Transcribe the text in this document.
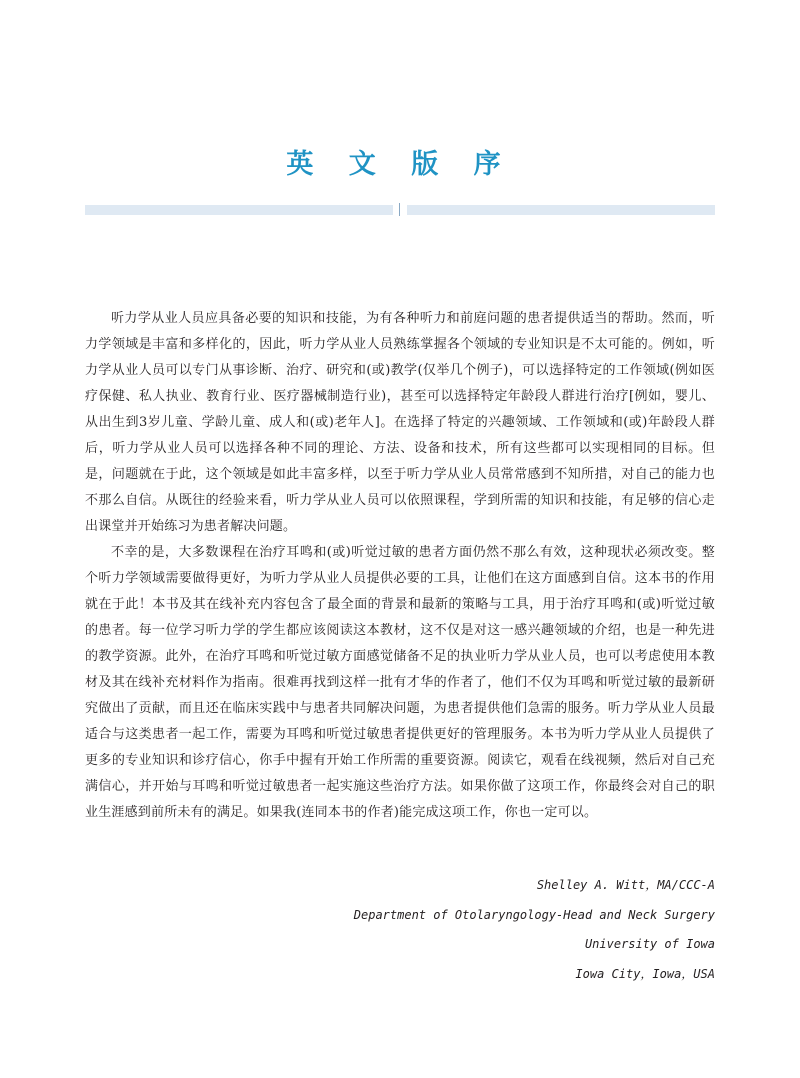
英 文 版 序

听力学从业人员应具备必要的知识和技能，为有各种听力和前庭问题的患者提供适当的帮助。然而，听力学领域是丰富和多样化的，因此，听力学从业人员熟练掌握各个领域的专业知识是不太可能的。例如，听力学从业人员可以专门从事诊断、治疗、研究和(或)教学(仅举几个例子)，可以选择特定的工作领域(例如医疗保健、私人执业、教育行业、医疗器械制造行业)，甚至可以选择特定年龄段人群进行治疗[例如，婴儿、从出生到3岁儿童、学龄儿童、成人和(或)老年人]。在选择了特定的兴趣领域、工作领域和(或)年龄段人群后，听力学从业人员可以选择各种不同的理论、方法、设备和技术，所有这些都可以实现相同的目标。但是，问题就在于此，这个领域是如此丰富多样，以至于听力学从业人员常常感到不知所措，对自己的能力也不那么自信。从既往的经验来看，听力学从业人员可以依照课程，学到所需的知识和技能，有足够的信心走出课堂并开始练习为患者解决问题。

不幸的是，大多数课程在治疗耳鸣和(或)听觉过敏的患者方面仍然不那么有效，这种现状必须改变。整个听力学领域需要做得更好，为听力学从业人员提供必要的工具，让他们在这方面感到自信。这本书的作用就在于此！本书及其在线补充内容包含了最全面的背景和最新的策略与工具，用于治疗耳鸣和(或)听觉过敏的患者。每一位学习听力学的学生都应该阅读这本教材，这不仅是对这一感兴趣领域的介绍，也是一种先进的教学资源。此外，在治疗耳鸣和听觉过敏方面感觉储备不足的执业听力学从业人员，也可以考虑使用本教材及其在线补充材料作为指南。很难再找到这样一批有才华的作者了，他们不仅为耳鸣和听觉过敏的最新研究做出了贡献，而且还在临床实践中与患者共同解决问题，为患者提供他们急需的服务。听力学从业人员最适合与这类患者一起工作，需要为耳鸣和听觉过敏患者提供更好的管理服务。本书为听力学从业人员提供了更多的专业知识和诊疗信心，你手中握有开始工作所需的重要资源。阅读它，观看在线视频，然后对自己充满信心，并开始与耳鸣和听觉过敏患者一起实施这些治疗方法。如果你做了这项工作，你最终会对自己的职业生涯感到前所未有的满足。如果我(连同本书的作者)能完成这项工作，你也一定可以。

Shelley A. Witt，MA/CCC-A
Department of Otolaryngology-Head and Neck Surgery
University of Iowa
Iowa City，Iowa，USA
